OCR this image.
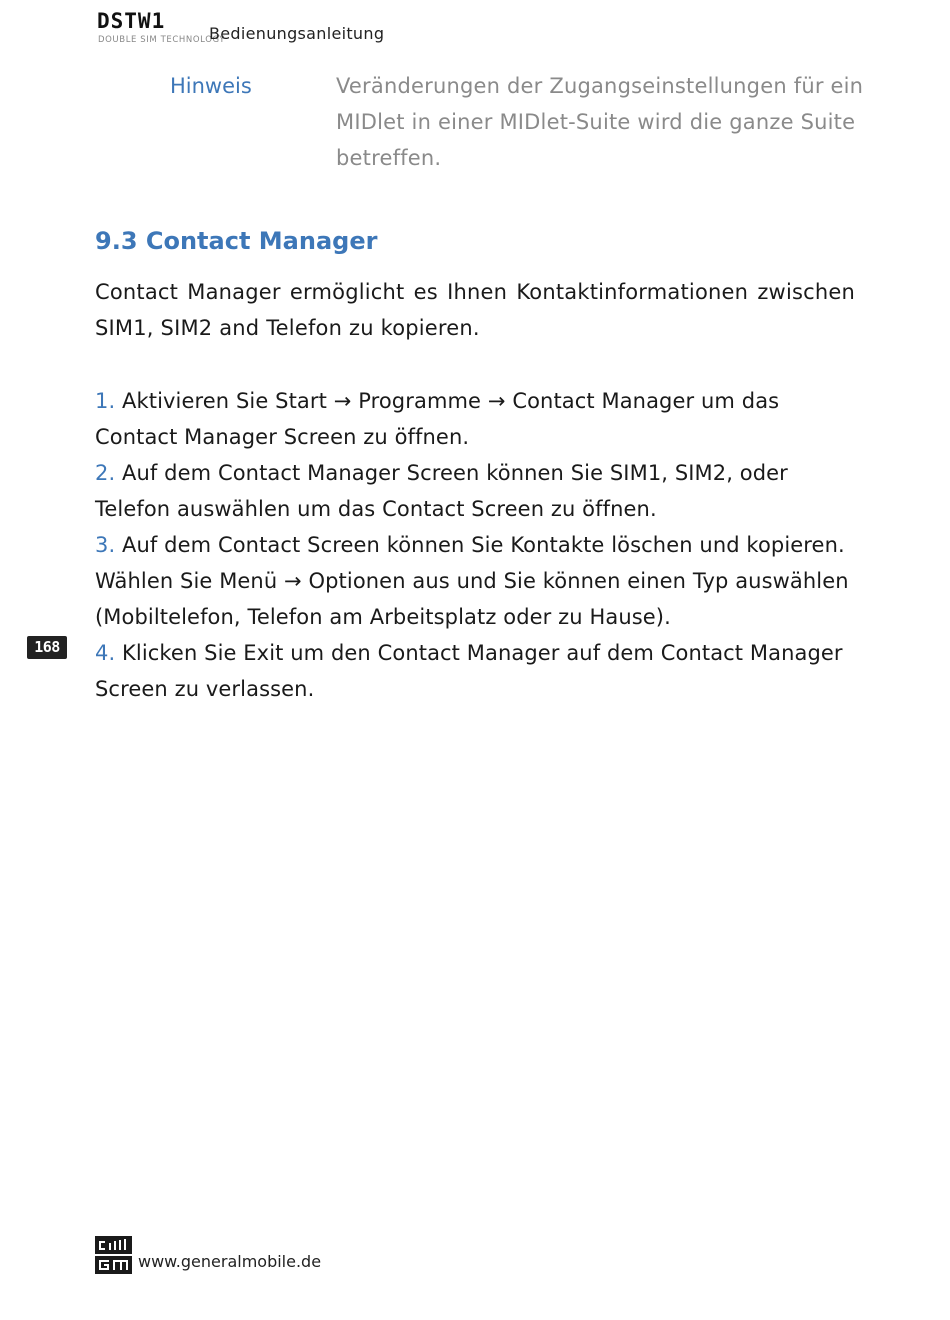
DSTW1
DOUBLE SIM TECHNOLOGY
Bedienungsanleitung
Hinweis	Veränderungen der Zugangseinstellungen für ein MIDlet in einer MIDlet-Suite wird die ganze Suite betreffen.
9.3 Contact Manager
Contact Manager ermöglicht es Ihnen Kontaktinformationen zwischen SIM1, SIM2 and Telefon zu kopieren.

1. Aktivieren Sie Start → Programme → Contact Manager um das Contact Manager Screen zu öffnen.

2. Auf dem Contact Manager Screen können Sie SIM1, SIM2, oder Telefon auswählen um das Contact Screen zu öffnen.

3. Auf dem Contact Screen können Sie Kontakte löschen und kopieren. Wählen Sie Menü → Optionen aus und Sie können einen Typ auswählen (Mobiltelefon, Telefon am Arbeitsplatz oder zu Hause).

4. Klicken Sie Exit um den Contact Manager auf dem Contact Manager Screen zu verlassen.

168
www.generalmobile.de
